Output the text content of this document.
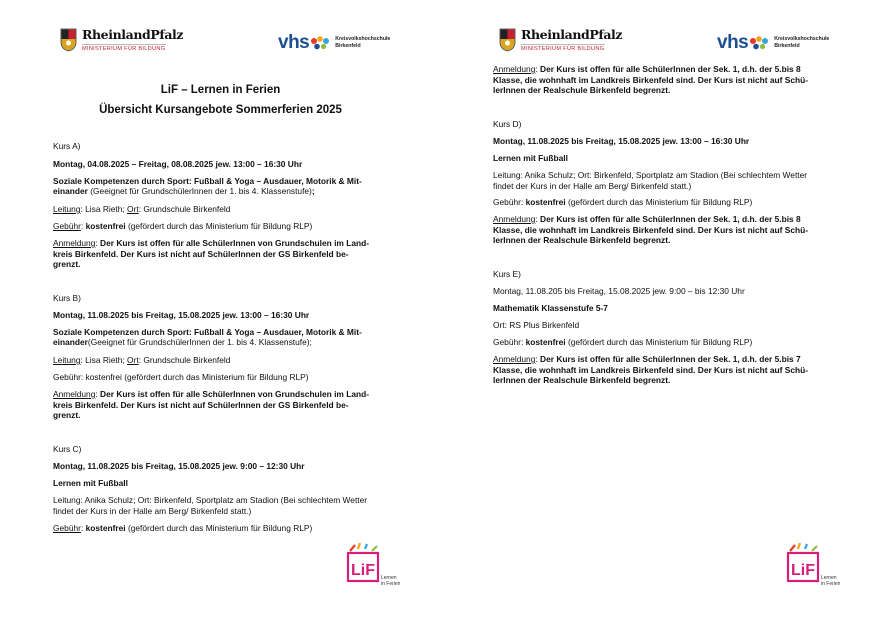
RheinlandPfalz
MINISTERIUM FÜR BILDUNG	vhs	Kreisvolkshochschule
Birkenfeld
LiF – Lernen in Ferien
Übersicht Kursangebote Sommerferien 2025
Kurs A)
Montag, 04.08.2025 – Freitag, 08.08.2025 jew. 13:00 – 16:30 Uhr
Soziale Kompetenzen durch Sport: Fußball & Yoga – Ausdauer, Motorik & Mit-
einander (Geeignet für GrundschülerInnen der 1. bis 4. Klassenstufe);
Leitung: Lisa Rieth; Ort: Grundschule Birkenfeld
Gebühr: kostenfrei (gefördert durch das Ministerium für Bildung RLP)
Anmeldung: Der Kurs ist offen für alle SchülerInnen von Grundschulen im Land-
kreis Birkenfeld. Der Kurs ist nicht auf SchülerInnen der GS Birkenfeld be-
grenzt.
Kurs B)
Montag, 11.08.2025 bis Freitag, 15.08.2025 jew. 13:00 – 16:30 Uhr
Soziale Kompetenzen durch Sport: Fußball & Yoga – Ausdauer, Motorik & Mit-
einander(Geeignet für GrundschülerInnen der 1. bis 4. Klassenstufe);
Leitung: Lisa Rieth; Ort: Grundschule Birkenfeld
Gebühr: kostenfrei (gefördert durch das Ministerium für Bildung RLP)
Anmeldung: Der Kurs ist offen für alle SchülerInnen von Grundschulen im Land-
kreis Birkenfeld. Der Kurs ist nicht auf SchülerInnen der GS Birkenfeld be-
grenzt.
Kurs C)
Montag, 11.08.2025 bis Freitag, 15.08.2025 jew. 9:00 – 12:30 Uhr
Lernen mit Fußball
Leitung: Anika Schulz; Ort: Birkenfeld, Sportplatz am Stadion (Bei schlechtem Wetter
findet der Kurs in der Halle am Berg/ Birkenfeld statt.)
Gebühr: kostenfrei (gefördert durch das Ministerium für Bildung RLP)
LiF Lernen
in Ferien
RheinlandPfalz
MINISTERIUM FÜR BILDUNG	vhs	Kreisvolkshochschule
Birkenfeld
Anmeldung: Der Kurs ist offen für alle SchülerInnen der Sek. 1, d.h. der 5.bis 8
Klasse, die wohnhaft im Landkreis Birkenfeld sind. Der Kurs ist nicht auf Schü-
lerInnen der Realschule Birkenfeld begrenzt.
Kurs D)
Montag, 11.08.2025 bis Freitag, 15.08.2025 jew. 13:00 – 16:30 Uhr
Lernen mit Fußball
Leitung: Anika Schulz; Ort: Birkenfeld, Sportplatz am Stadion (Bei schlechtem Wetter
findet der Kurs in der Halle am Berg/ Birkenfeld statt.)
Gebühr: kostenfrei (gefördert durch das Ministerium für Bildung RLP)
Anmeldung: Der Kurs ist offen für alle SchülerInnen der Sek. 1, d.h. der 5.bis 8
Klasse, die wohnhaft im Landkreis Birkenfeld sind. Der Kurs ist nicht auf Schü-
lerInnen der Realschule Birkenfeld begrenzt.
Kurs E)
Montag, 11.08.205 bis Freitag, 15.08.2025 jew. 9:00 – bis 12:30 Uhr
Mathematik Klassenstufe 5-7
Ort: RS Plus Birkenfeld
Gebühr: kostenfrei (gefördert durch das Ministerium für Bildung RLP)
Anmeldung: Der Kurs ist offen für alle SchülerInnen der Sek. 1, d.h. der 5.bis 7
Klasse, die wohnhaft im Landkreis Birkenfeld sind. Der Kurs ist nicht auf Schü-
lerInnen der Realschule Birkenfeld begrenzt.
LiF Lernen
in Ferien
